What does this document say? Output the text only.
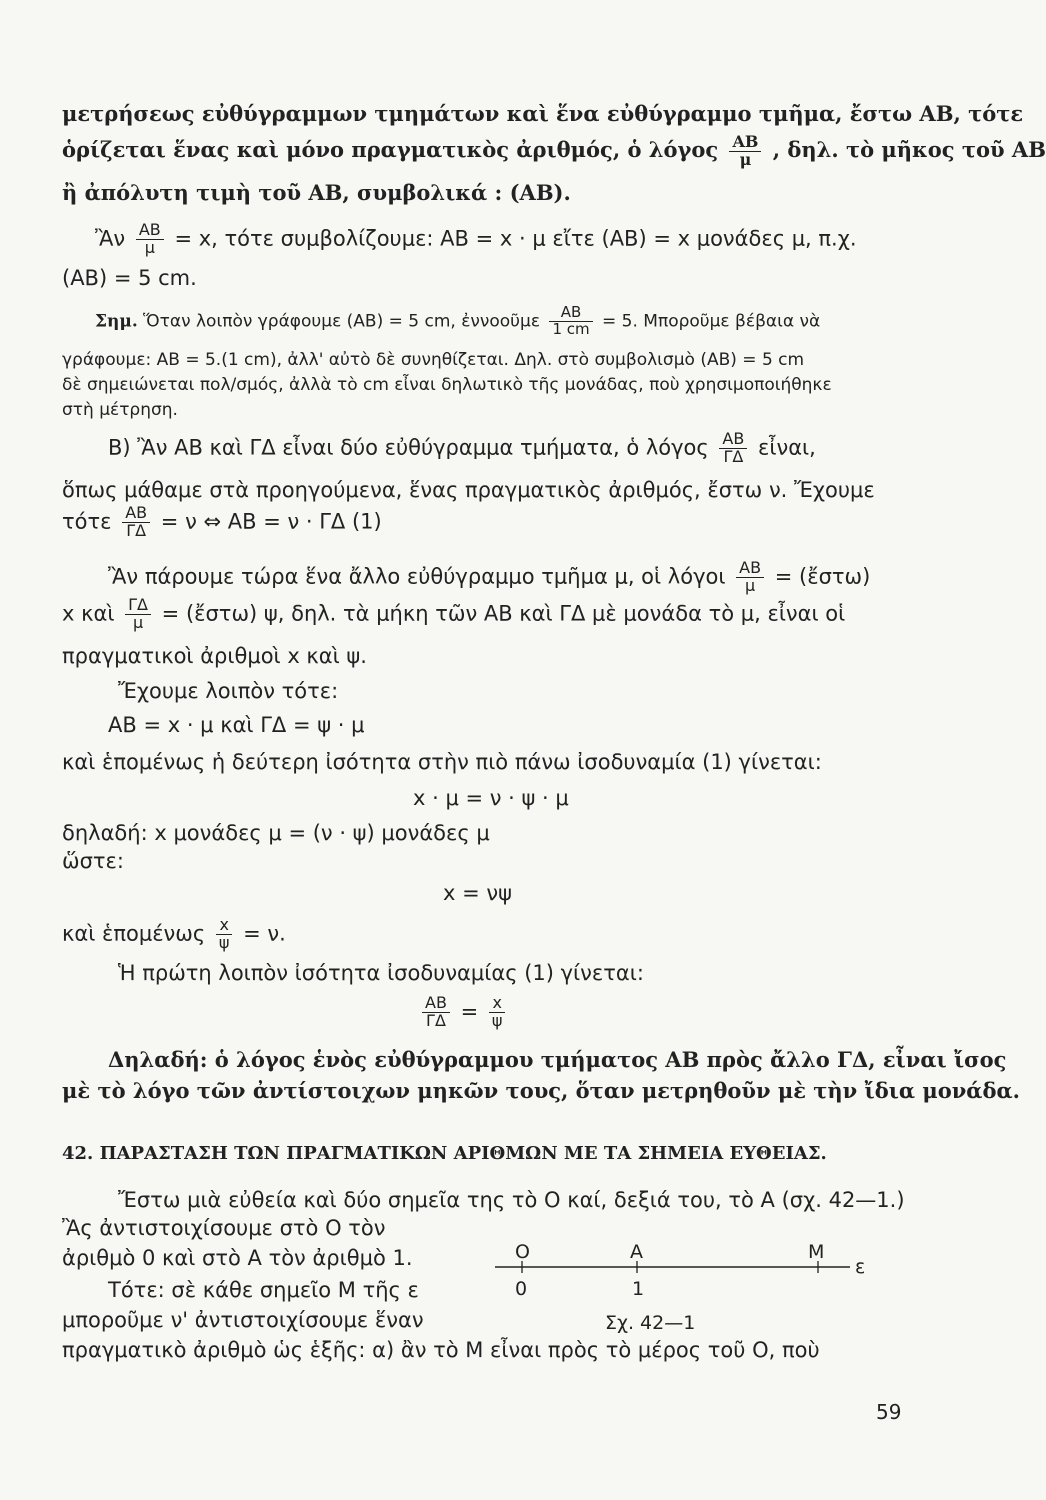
μετρήσεως εὐθύγραμμων τμημάτων καὶ ἕνα εὐθύγραμμο τμῆμα, ἔστω ΑΒ, τότε
ὁρίζεται ἕνας καὶ μόνο πραγματικὸς ἀριθμός, ὁ λόγος $\frac{AB}{\mu}$ , δηλ. τὸ μῆκος τοῦ ΑΒ
ἢ ἀπόλυτη τιμὴ τοῦ ΑΒ, συμβολικά : (ΑΒ).
Ἂν $\frac{AB}{\mu} = x$, τότε συμβολίζουμε: ΑΒ = x · μ εἴτε (ΑΒ) = x μονάδες μ, π.χ.
(ΑΒ) = 5 cm.
Σημ. Ὅταν λοιπὸν γράφουμε (ΑΒ) = 5 cm, ἐννοοῦμε $\frac{AB}{1 cm} = 5$. Μποροῦμε βέβαια νὰ
γράφουμε: ΑΒ = 5.(1 cm), ἀλλ' αὐτὸ δὲ συνηθίζεται. Δηλ. στὸ συμβολισμὸ (ΑΒ) = 5 cm
δὲ σημειώνεται πολ/σμός, ἀλλὰ τὸ cm εἶναι δηλωτικὸ τῆς μονάδας, ποὺ χρησιμοποιήθηκε
στὴ μέτρηση.
Β) Ἂν ΑΒ καὶ ΓΔ εἶναι δύο εὐθύγραμμα τμήματα, ὁ λόγος $\frac{AB}{\Gamma\Delta}$ εἶναι,
ὅπως μάθαμε στὰ προηγούμενα, ἕνας πραγματικὸς ἀριθμός, ἔστω ν. Ἔχουμε
τότε $\frac{AB}{\Gamma\Delta} = \nu$ ⇔ ΑΒ = ν · ΓΔ (1)
Ἂν πάρουμε τώρα ἕνα ἄλλο εὐθύγραμμο τμῆμα μ, οἱ λόγοι $\frac{AB}{\mu}$ = (ἔστω)
x καὶ $\frac{\Gamma\Delta}{\mu}$ = (ἔστω) ψ, δηλ. τὰ μήκη τῶν ΑΒ καὶ ΓΔ μὲ μονάδα τὸ μ, εἶναι οἱ
πραγματικοὶ ἀριθμοὶ x καὶ ψ.
Ἔχουμε λοιπὸν τότε:
ΑΒ = x · μ καὶ ΓΔ = ψ · μ
καὶ ἑπομένως ἡ δεύτερη ἰσότητα στὴν πιὸ πάνω ἰσοδυναμία (1) γίνεται:
x · μ = ν · ψ · μ
δηλαδή: x μονάδες μ = (ν · ψ) μονάδες μ
ὥστε:
x = νψ
καὶ ἑπομένως $\frac{x}{\psi} = \nu$.
Ἡ πρώτη λοιπὸν ἰσότητα ἰσοδυναμίας (1) γίνεται:
$\frac{AB}{\Gamma\Delta} = \frac{x}{\psi}$
Δηλαδή: ὁ λόγος ἑνὸς εὐθύγραμμου τμήματος ΑΒ πρὸς ἄλλο ΓΔ, εἶναι ἴσος
μὲ τὸ λόγο τῶν ἀντίστοιχων μηκῶν τους, ὅταν μετρηθοῦν μὲ τὴν ἴδια μονάδα.
42. ΠΑΡΑΣΤΑΣΗ ΤΩΝ ΠΡΑΓΜΑΤΙΚΩΝ ΑΡΙΘΜΩΝ ΜΕ ΤΑ ΣΗΜΕΙΑ ΕΥΘΕΙΑΣ.
Ἔστω μιὰ εὐθεία καὶ δύο σημεῖα της τὸ Ο καί, δεξιά του, τὸ Α (σχ. 42—1.)
Ἂς ἀντιστοιχίσουμε στὸ Ο τὸν
ἀριθμὸ 0 καὶ στὸ Α τὸν ἀριθμὸ 1.
Τότε: σὲ κάθε σημεῖο Μ τῆς ε
μποροῦμε ν' ἀντιστοιχίσουμε ἕναν
πραγματικὸ ἀριθμὸ ὡς ἑξῆς: α) ἂν τὸ Μ εἶναι πρὸς τὸ μέρος τοῦ Ο, ποὺ
O	A	M
ε
0	1
Σχ. 42—1
59
